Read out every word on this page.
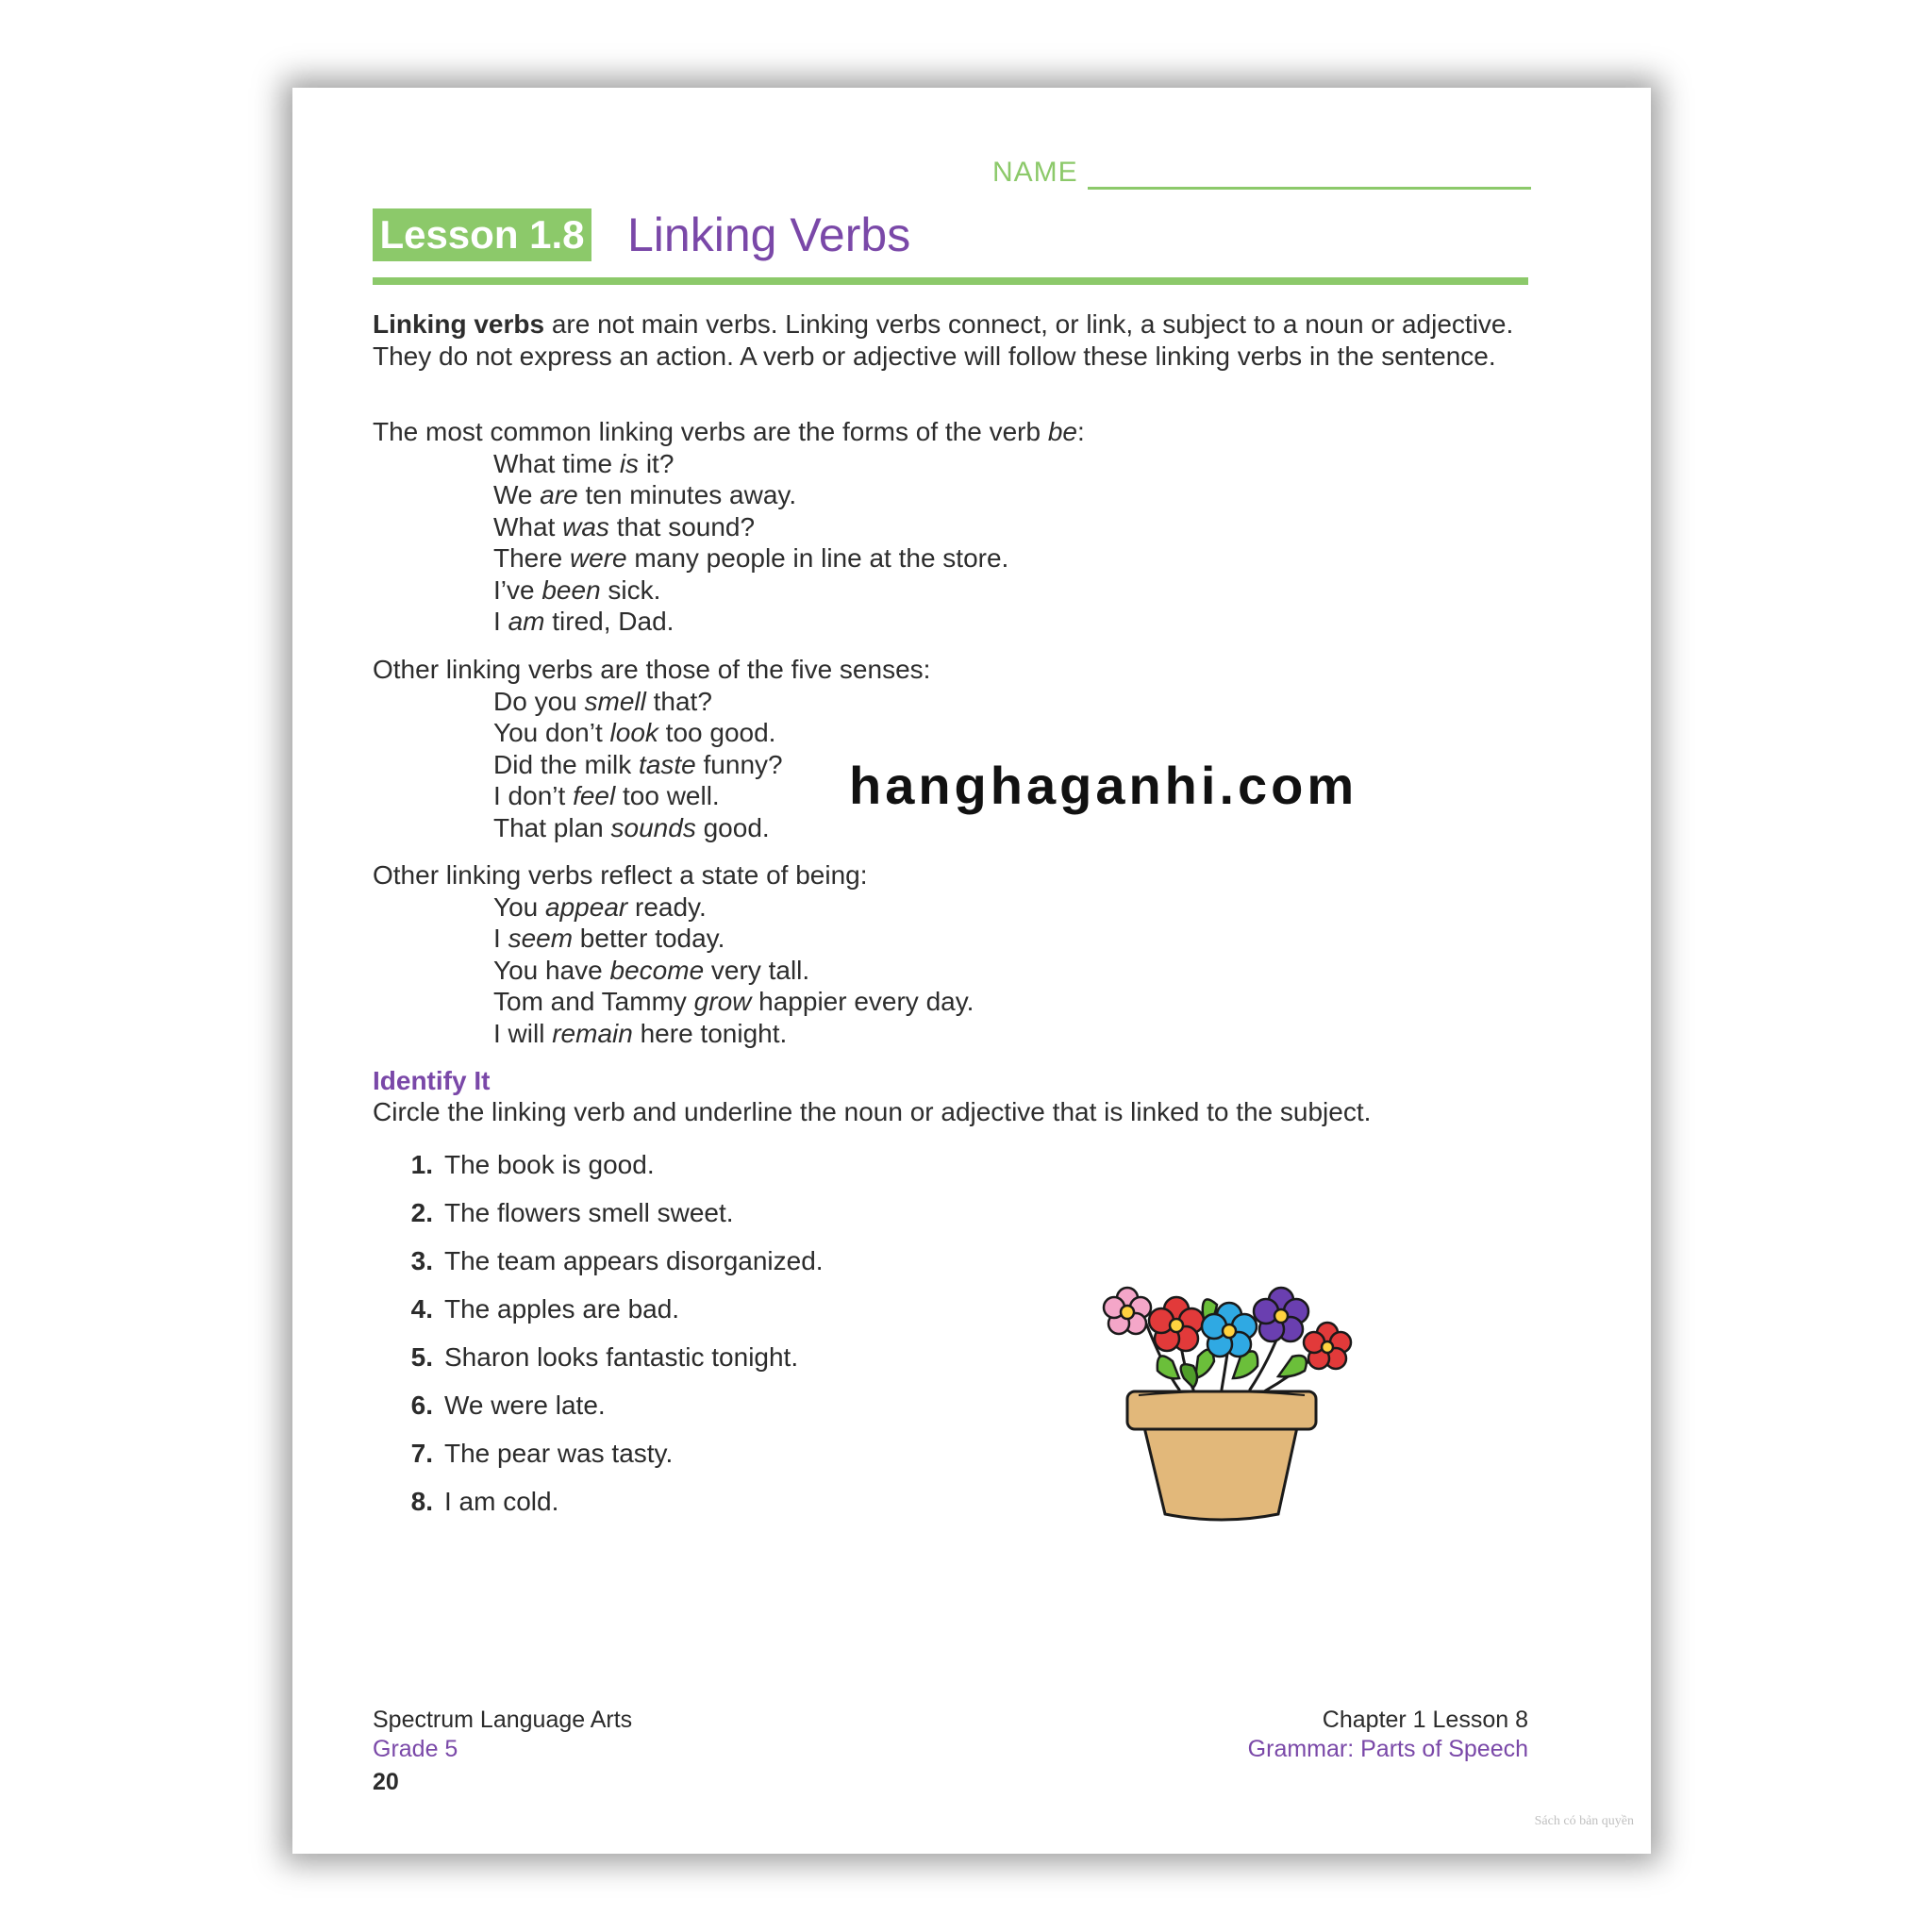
NAME
Lesson 1.8 Linking Verbs
Linking verbs are not main verbs. Linking verbs connect, or link, a subject to a noun or adjective. They do not express an action. A verb or adjective will follow these linking verbs in the sentence.
The most common linking verbs are the forms of the verb be:
What time is it?
We are ten minutes away.
What was that sound?
There were many people in line at the store.
I’ve been sick.
I am tired, Dad.
Other linking verbs are those of the five senses:
Do you smell that?
You don’t look too good.
Did the milk taste funny?
I don’t feel too well.
That plan sounds good.
Other linking verbs reflect a state of being:
You appear ready.
I seem better today.
You have become very tall.
Tom and Tammy grow happier every day.
I will remain here tonight.
Identify It
Circle the linking verb and underline the noun or adjective that is linked to the subject.
1. The book is good.
2. The flowers smell sweet.
3. The team appears disorganized.
4. The apples are bad.
5. Sharon looks fantastic tonight.
6. We were late.
7. The pear was tasty.
8. I am cold.
Spectrum Language Arts
Grade 5
20
Chapter 1 Lesson 8
Grammar: Parts of Speech
Sách có bản quyền
hanghaganhi.com
